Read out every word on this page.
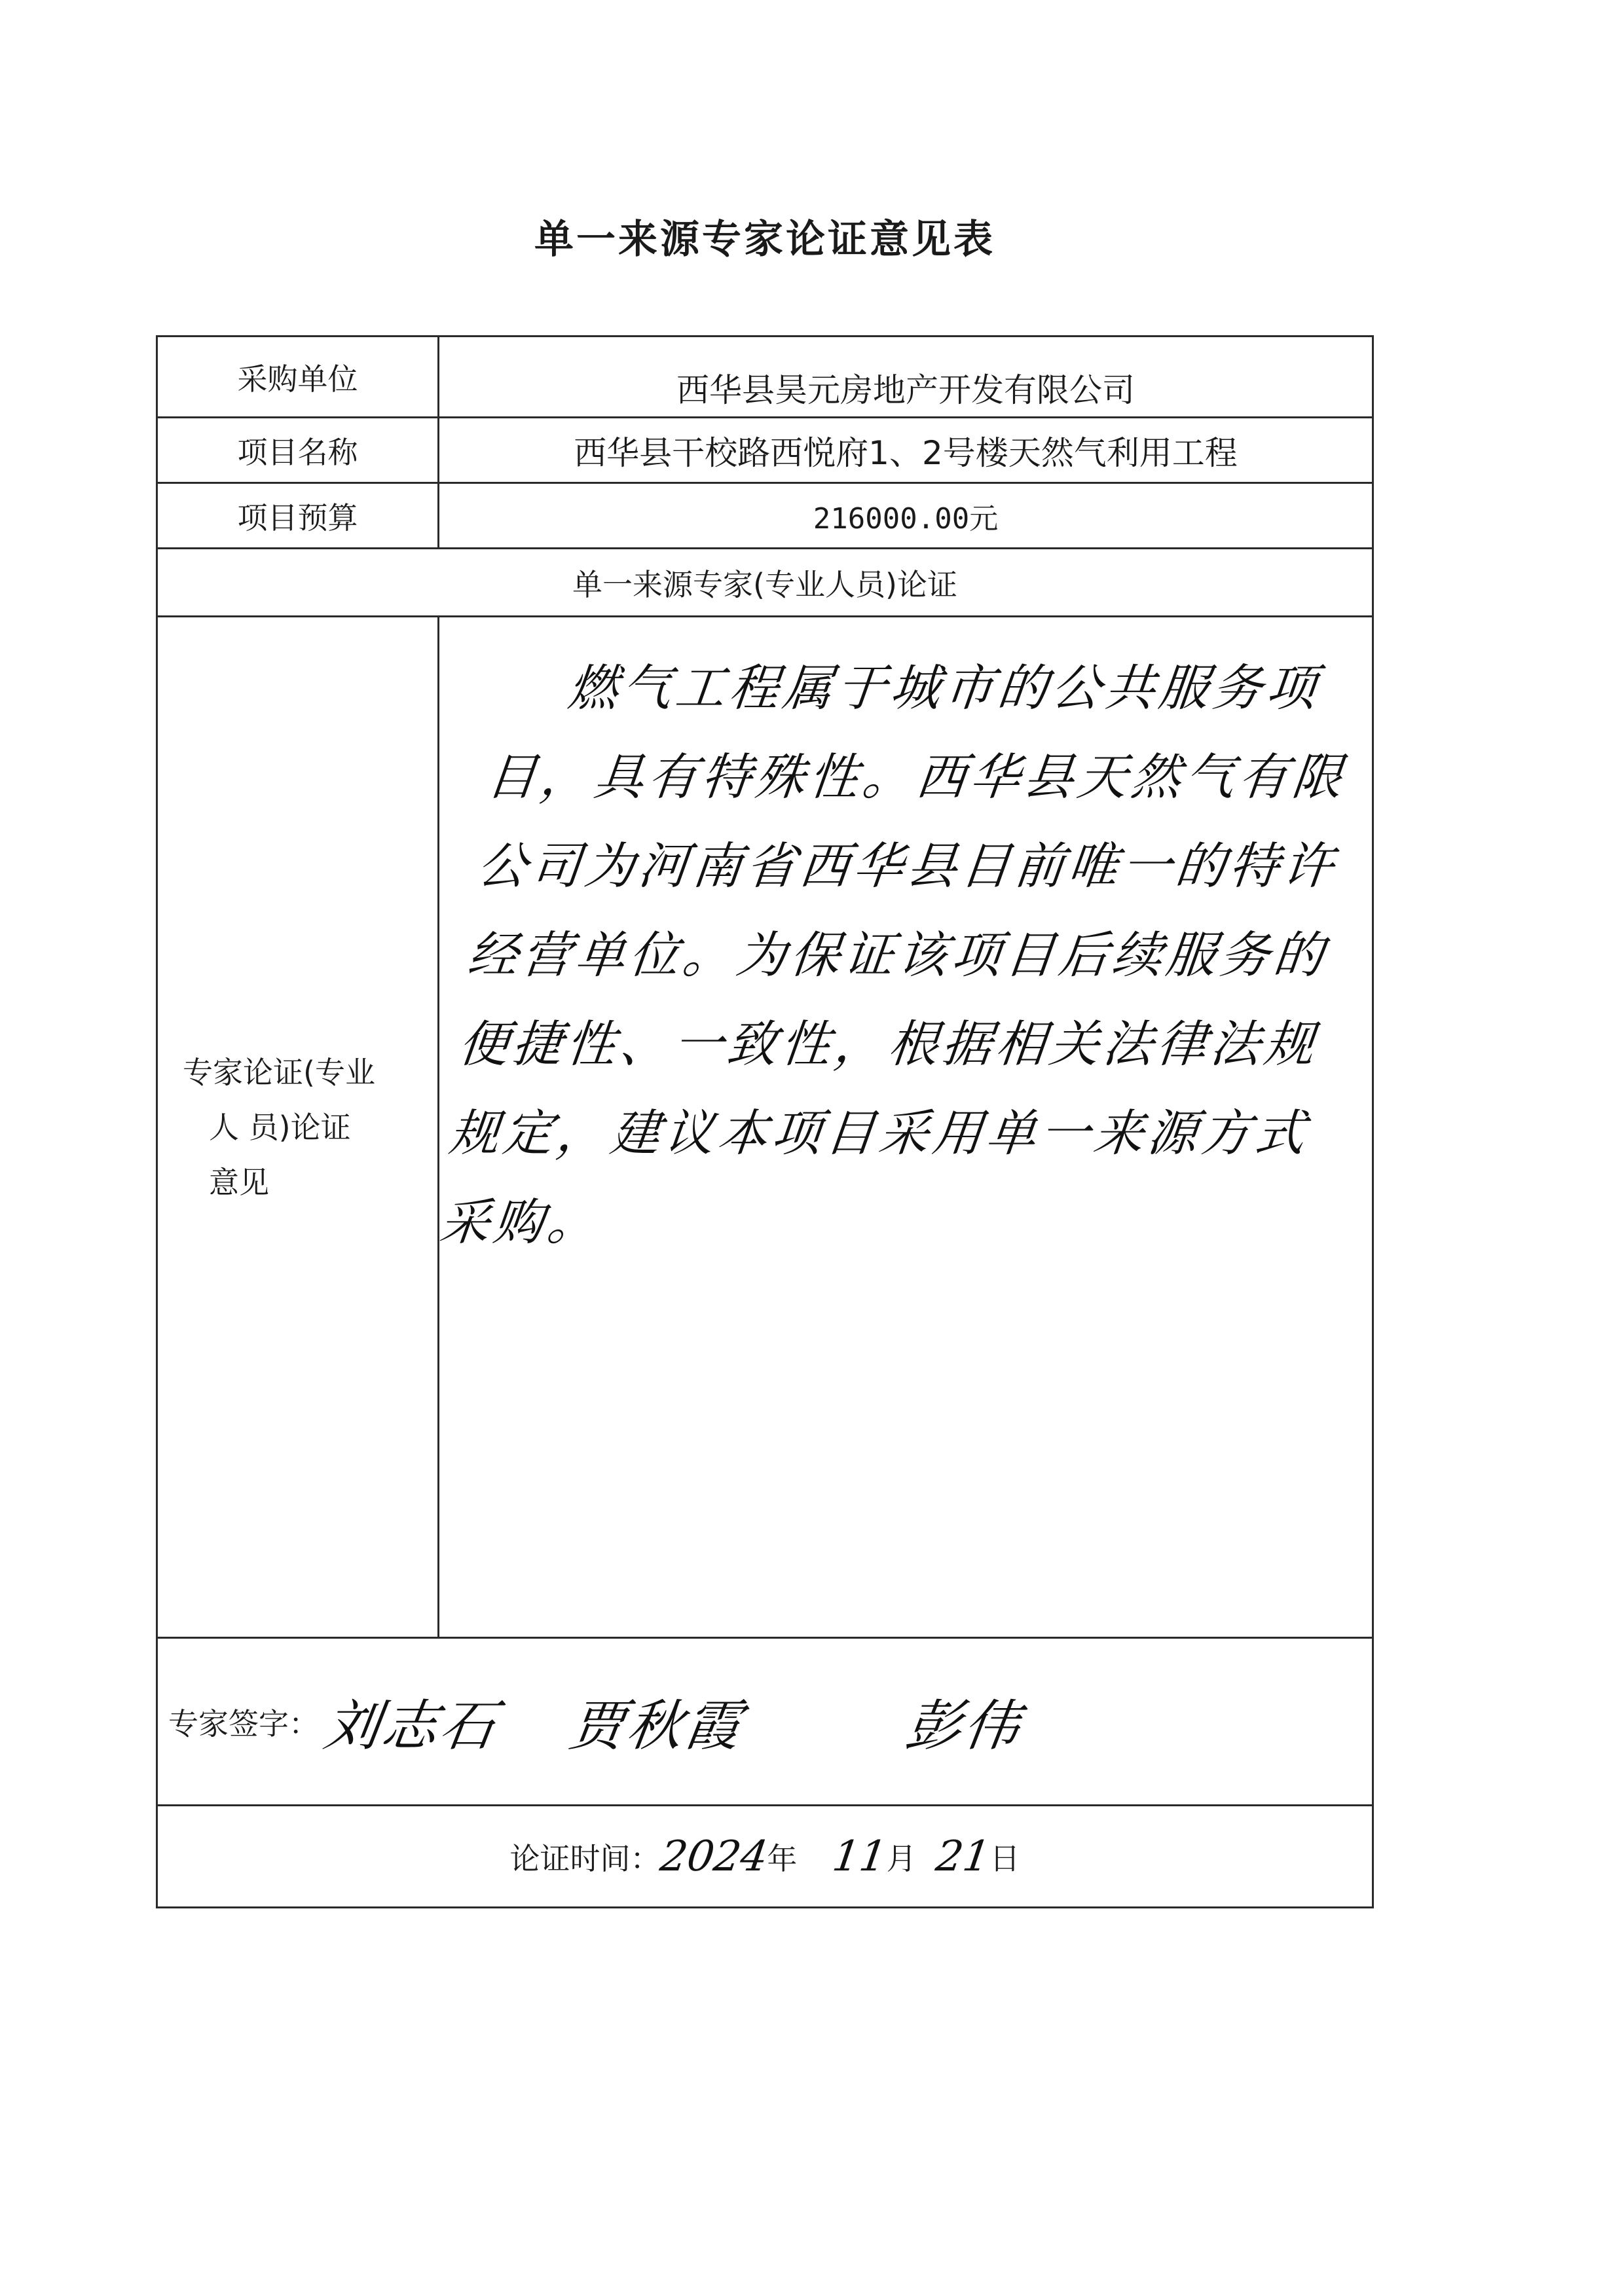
单一来源专家论证意见表
采购单位	西华县昊元房地产开发有限公司
项目名称	西华县干校路西悦府1、2号楼天然气利用工程
项目预算	216000.00元
单一来源专家(专业人员)论证	

专家论证(专业
人 员)论证
意见	燃气工程属于城市的公共服务项目，具有特殊性。西华县天然气有限公司为河南省西华县目前唯一的特许经营单位。为保证该项目后续服务的便捷性、一致性，根据相关法律法规规定，建议本项目采用单一来源方式采购。

专家签字：刘志石 贾秋霞 彭伟	
论证时间：2024年 11月 21日	
